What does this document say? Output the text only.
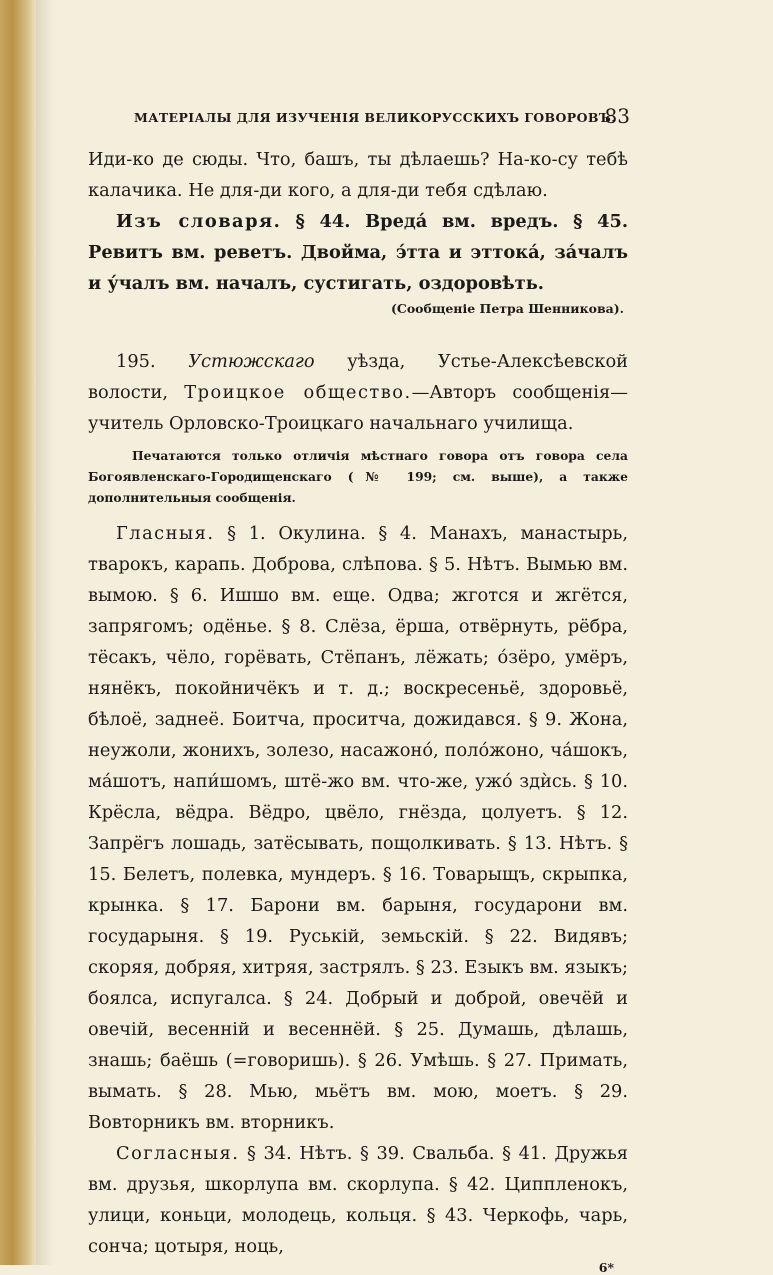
МАТЕРІАЛЫ ДЛЯ ИЗУЧЕНІЯ ВЕЛИКОРУССКИХЪ ГОВОРОВЪ.
83

Иди-ко де сюды. Что, башъ, ты дѣлаешь? На-ко-су тебѣ калачика. Не для-ди кого, а для-ди тебя сдѣлаю.

Изъ словаря. § 44. Вредá вм. вредъ. § 45. Ревитъ вм. реветъ. Двойма, э́тта и эттокá, зáчалъ и у́чалъ вм. началъ, сустигать, оздоровѣть.

(Сообщеніе Петра Шенникова).

195. Устюжскаго уѣзда, Устье-Алексѣевской волости, Троицкое общество.—Авторъ сообщенія—учитель Орловско-Троицкаго начальнаго училища.

Печатаются только отличія мѣстнаго говора отъ говора села Богоявленскаго-Городищенскаго (№ 199; см. выше), а также дополнительныя сообщенія.

Гласныя. § 1. Окулина. § 4. Манахъ, манастырь, тварокъ, карапь. Доброва, слѣпова. § 5. Нѣтъ. Вымью вм. вымою. § 6. Ишшо вм. еще. Одва; жготся и жгётся, запрягомъ; одёнье. § 8. Слёза, ёрша, отвёрнуть, рёбра, тёсакъ, чёло, горёвать, Стёпанъ, лёжать; óзёро, умёръ, нянёкъ, покойничёкъ и т. д.; воскресеньё, здоровьё, бѣлоё, заднеё. Боитча, проситча, дожидався. § 9. Жона, неужоли, жонихъ, золезо, насажонó, полóжоно, чáшокъ, мáшотъ, напи́шомъ, штё-жо вм. что-же, ужó здѝсь. § 10. Крёсла, вёдра. Вёдро, цвёло, гнёзда, цолуетъ. § 12. Запрёгъ лошадь, затёсывать, пощолкивать. § 13. Нѣтъ. § 15. Белетъ, полевка, мундеръ. § 16. Товарыщъ, скрыпка, крынка. § 17. Барони вм. барыня, государони вм. государыня. § 19. Руській, земьскій. § 22. Видявъ; скоряя, добряя, хитряя, застрялъ. § 23. Езыкъ вм. языкъ; боялса, испугалса. § 24. Добрый и доброй, овечёй и овечій, весенній и весеннёй. § 25. Думашь, дѣлашь, знашь; баёшь (=говоришь). § 26. Умѣшь. § 27. Примать, вымать. § 28. Мью, мьётъ вм. мою, моетъ. § 29. Вовторникъ вм. вторникъ.

Согласныя. § 34. Нѣтъ. § 39. Свальба. § 41. Дружья вм. друзья, шкорлупа вм. скорлупа. § 42. Циппленокъ, улици, коньци, молодець, кольця. § 43. Черкофь, чарь, сонча; цотыря, ноць,

6*
